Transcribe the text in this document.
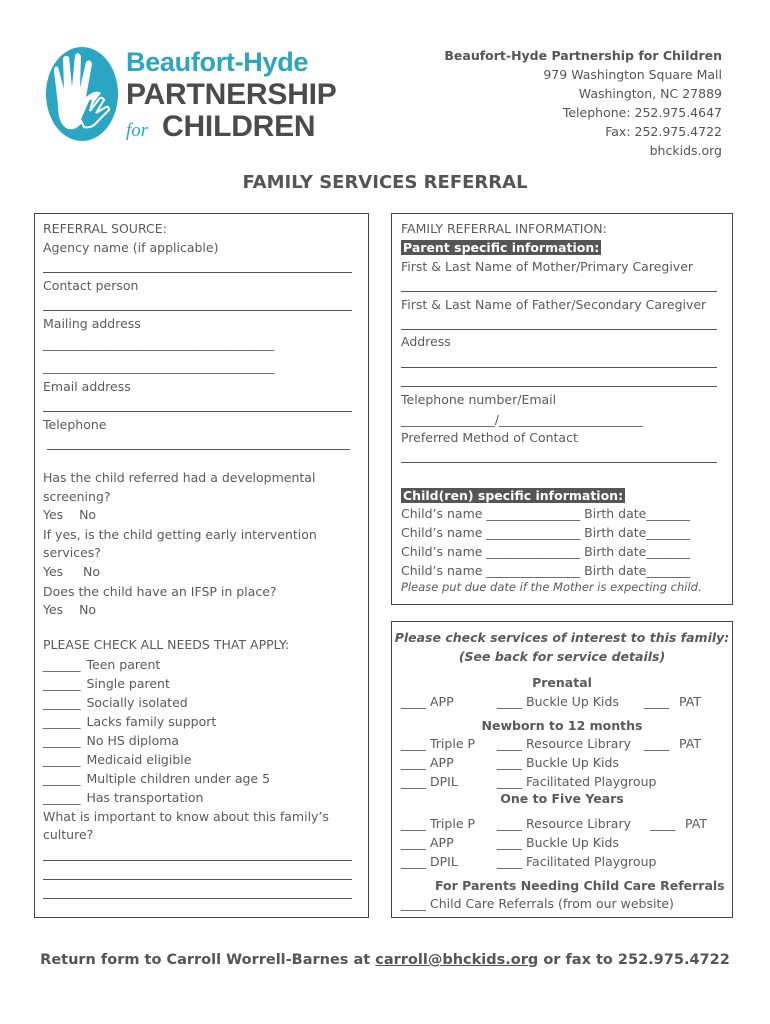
Beaufort-Hyde
PARTNERSHIP
for CHILDREN
Beaufort-Hyde Partnership for Children
979 Washington Square Mall
Washington, NC 27889
Telephone: 252.975.4647
Fax: 252.975.4722
bhckids.org
FAMILY SERVICES REFERRAL
REFERRAL SOURCE:
Agency name (if applicable)
Contact person
Mailing address
_____________________________________
_____________________________________
Email address
Telephone
Has the child referred had a developmental
screening?
Yes    No
If yes, is the child getting early intervention
services?
Yes     No
Does the child have an IFSP in place?
Yes    No
PLEASE CHECK ALL NEEDS THAT APPLY:
______ Teen parent
______ Single parent
______ Socially isolated
______ Lacks family support
______ No HS diploma
______ Medicaid eligible
______ Multiple children under age 5
______ Has transportation
What is important to know about this family’s
culture?
FAMILY REFERRAL INFORMATION:
Parent specific information:
First & Last Name of Mother/Primary Caregiver
First & Last Name of Father/Secondary Caregiver
Address
Telephone number/Email
_______________/_______________________
Preferred Method of Contact
Child(ren) specific information:
Child’s name _______________ Birth date_______
Child’s name _______________ Birth date_______
Child’s name _______________ Birth date_______
Child’s name _______________ Birth date_______
Please put due date if the Mother is expecting child.
Please check services of interest to this family:
(See back for service details)
Prenatal
____ APP	____ Buckle Up Kids ____ PAT
Newborn to 12 months
____ Triple P
____ APP
____ DPIL
____ Resource Library
____ Buckle Up Kids
____ Facilitated Playgroup
____ PAT
One to Five Years
____ Triple P
____ APP
____ DPIL
____ Resource Library
____ Buckle Up Kids
____ Facilitated Playgroup
____ PAT
For Parents Needing Child Care Referrals
____ Child Care Referrals (from our website)
Return form to Carroll Worrell-Barnes at carroll@bhckids.org or fax to 252.975.4722
